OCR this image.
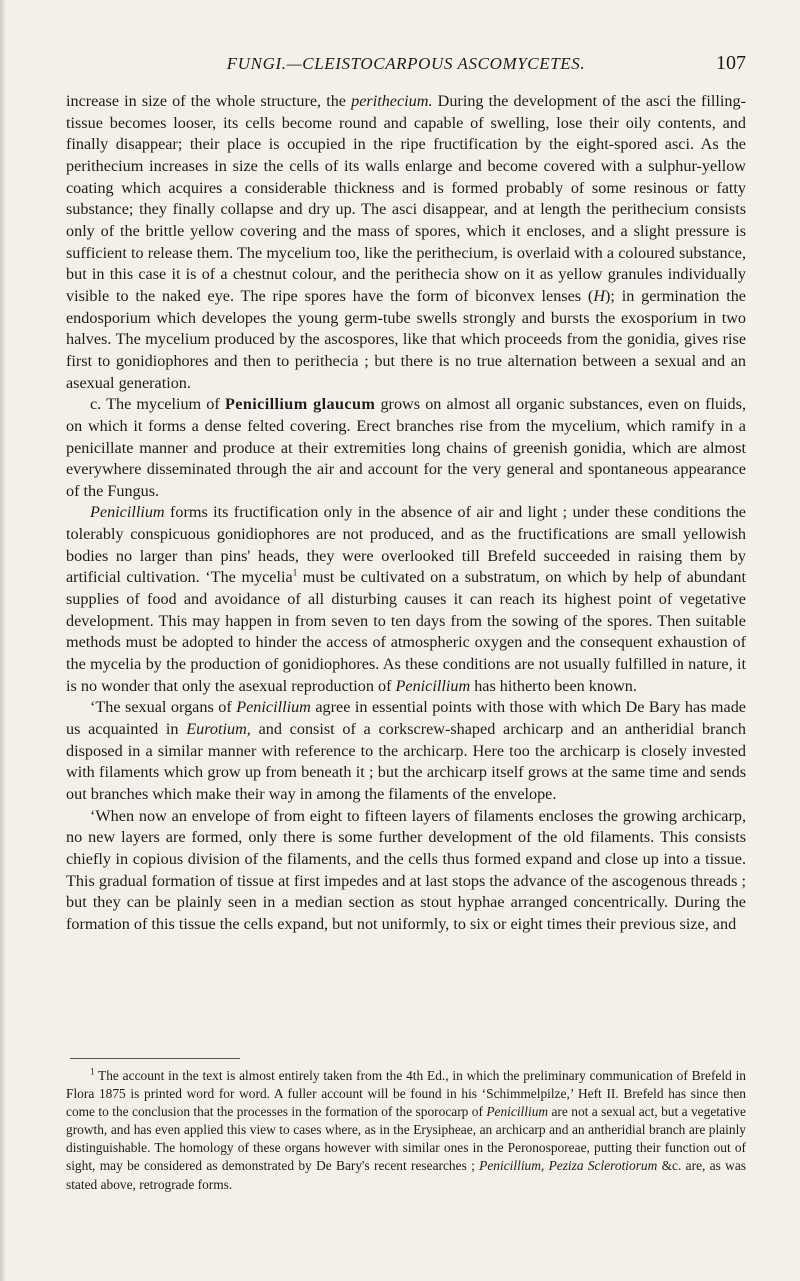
FUNGI.—CLEISTOCARPOUS ASCOMYCETES.	107

increase in size of the whole structure, the perithecium. During the development of the asci the filling-tissue becomes looser, its cells become round and capable of swelling, lose their oily contents, and finally disappear; their place is occupied in the ripe fructification by the eight-spored asci. As the perithecium increases in size the cells of its walls enlarge and become covered with a sulphur-yellow coating which acquires a considerable thickness and is formed probably of some resinous or fatty substance; they finally collapse and dry up. The asci disappear, and at length the perithecium consists only of the brittle yellow covering and the mass of spores, which it encloses, and a slight pressure is sufficient to release them. The mycelium too, like the perithecium, is overlaid with a coloured substance, but in this case it is of a chestnut colour, and the perithecia show on it as yellow granules individually visible to the naked eye. The ripe spores have the form of biconvex lenses (H); in germination the endosporium which developes the young germ-tube swells strongly and bursts the exosporium in two halves. The mycelium produced by the ascospores, like that which proceeds from the gonidia, gives rise first to gonidiophores and then to perithecia ; but there is no true alternation between a sexual and an asexual generation.

c. The mycelium of Penicillium glaucum grows on almost all organic substances, even on fluids, on which it forms a dense felted covering. Erect branches rise from the mycelium, which ramify in a penicillate manner and produce at their extremities long chains of greenish gonidia, which are almost everywhere disseminated through the air and account for the very general and spontaneous appearance of the Fungus.

Penicillium forms its fructification only in the absence of air and light ; under these conditions the tolerably conspicuous gonidiophores are not produced, and as the fructifications are small yellowish bodies no larger than pins' heads, they were overlooked till Brefeld succeeded in raising them by artificial cultivation. ‘The mycelia$^1$ must be cultivated on a substratum, on which by help of abundant supplies of food and avoidance of all disturbing causes it can reach its highest point of vegetative development. This may happen in from seven to ten days from the sowing of the spores. Then suitable methods must be adopted to hinder the access of atmospheric oxygen and the consequent exhaustion of the mycelia by the production of gonidiophores. As these conditions are not usually fulfilled in nature, it is no wonder that only the asexual reproduction of Penicillium has hitherto been known.

‘The sexual organs of Penicillium agree in essential points with those with which De Bary has made us acquainted in Eurotium, and consist of a corkscrew-shaped archicarp and an antheridial branch disposed in a similar manner with reference to the archicarp. Here too the archicarp is closely invested with filaments which grow up from beneath it ; but the archicarp itself grows at the same time and sends out branches which make their way in among the filaments of the envelope.

‘When now an envelope of from eight to fifteen layers of filaments encloses the growing archicarp, no new layers are formed, only there is some further development of the old filaments. This consists chiefly in copious division of the filaments, and the cells thus formed expand and close up into a tissue. This gradual formation of tissue at first impedes and at last stops the advance of the ascogenous threads ; but they can be plainly seen in a median section as stout hyphae arranged concentrically. During the formation of this tissue the cells expand, but not uniformly, to six or eight times their previous size, and

$^1$ The account in the text is almost entirely taken from the 4th Ed., in which the preliminary communication of Brefeld in Flora 1875 is printed word for word. A fuller account will be found in his ‘Schimmelpilze,’ Heft II. Brefeld has since then come to the conclusion that the processes in the formation of the sporocarp of Penicillium are not a sexual act, but a vegetative growth, and has even applied this view to cases where, as in the Erysipheae, an archicarp and an antheridial branch are plainly distinguishable. The homology of these organs however with similar ones in the Peronosporeae, putting their function out of sight, may be considered as demonstrated by De Bary's recent researches ; Penicillium, Peziza Sclerotiorum &c. are, as was stated above, retrograde forms.
